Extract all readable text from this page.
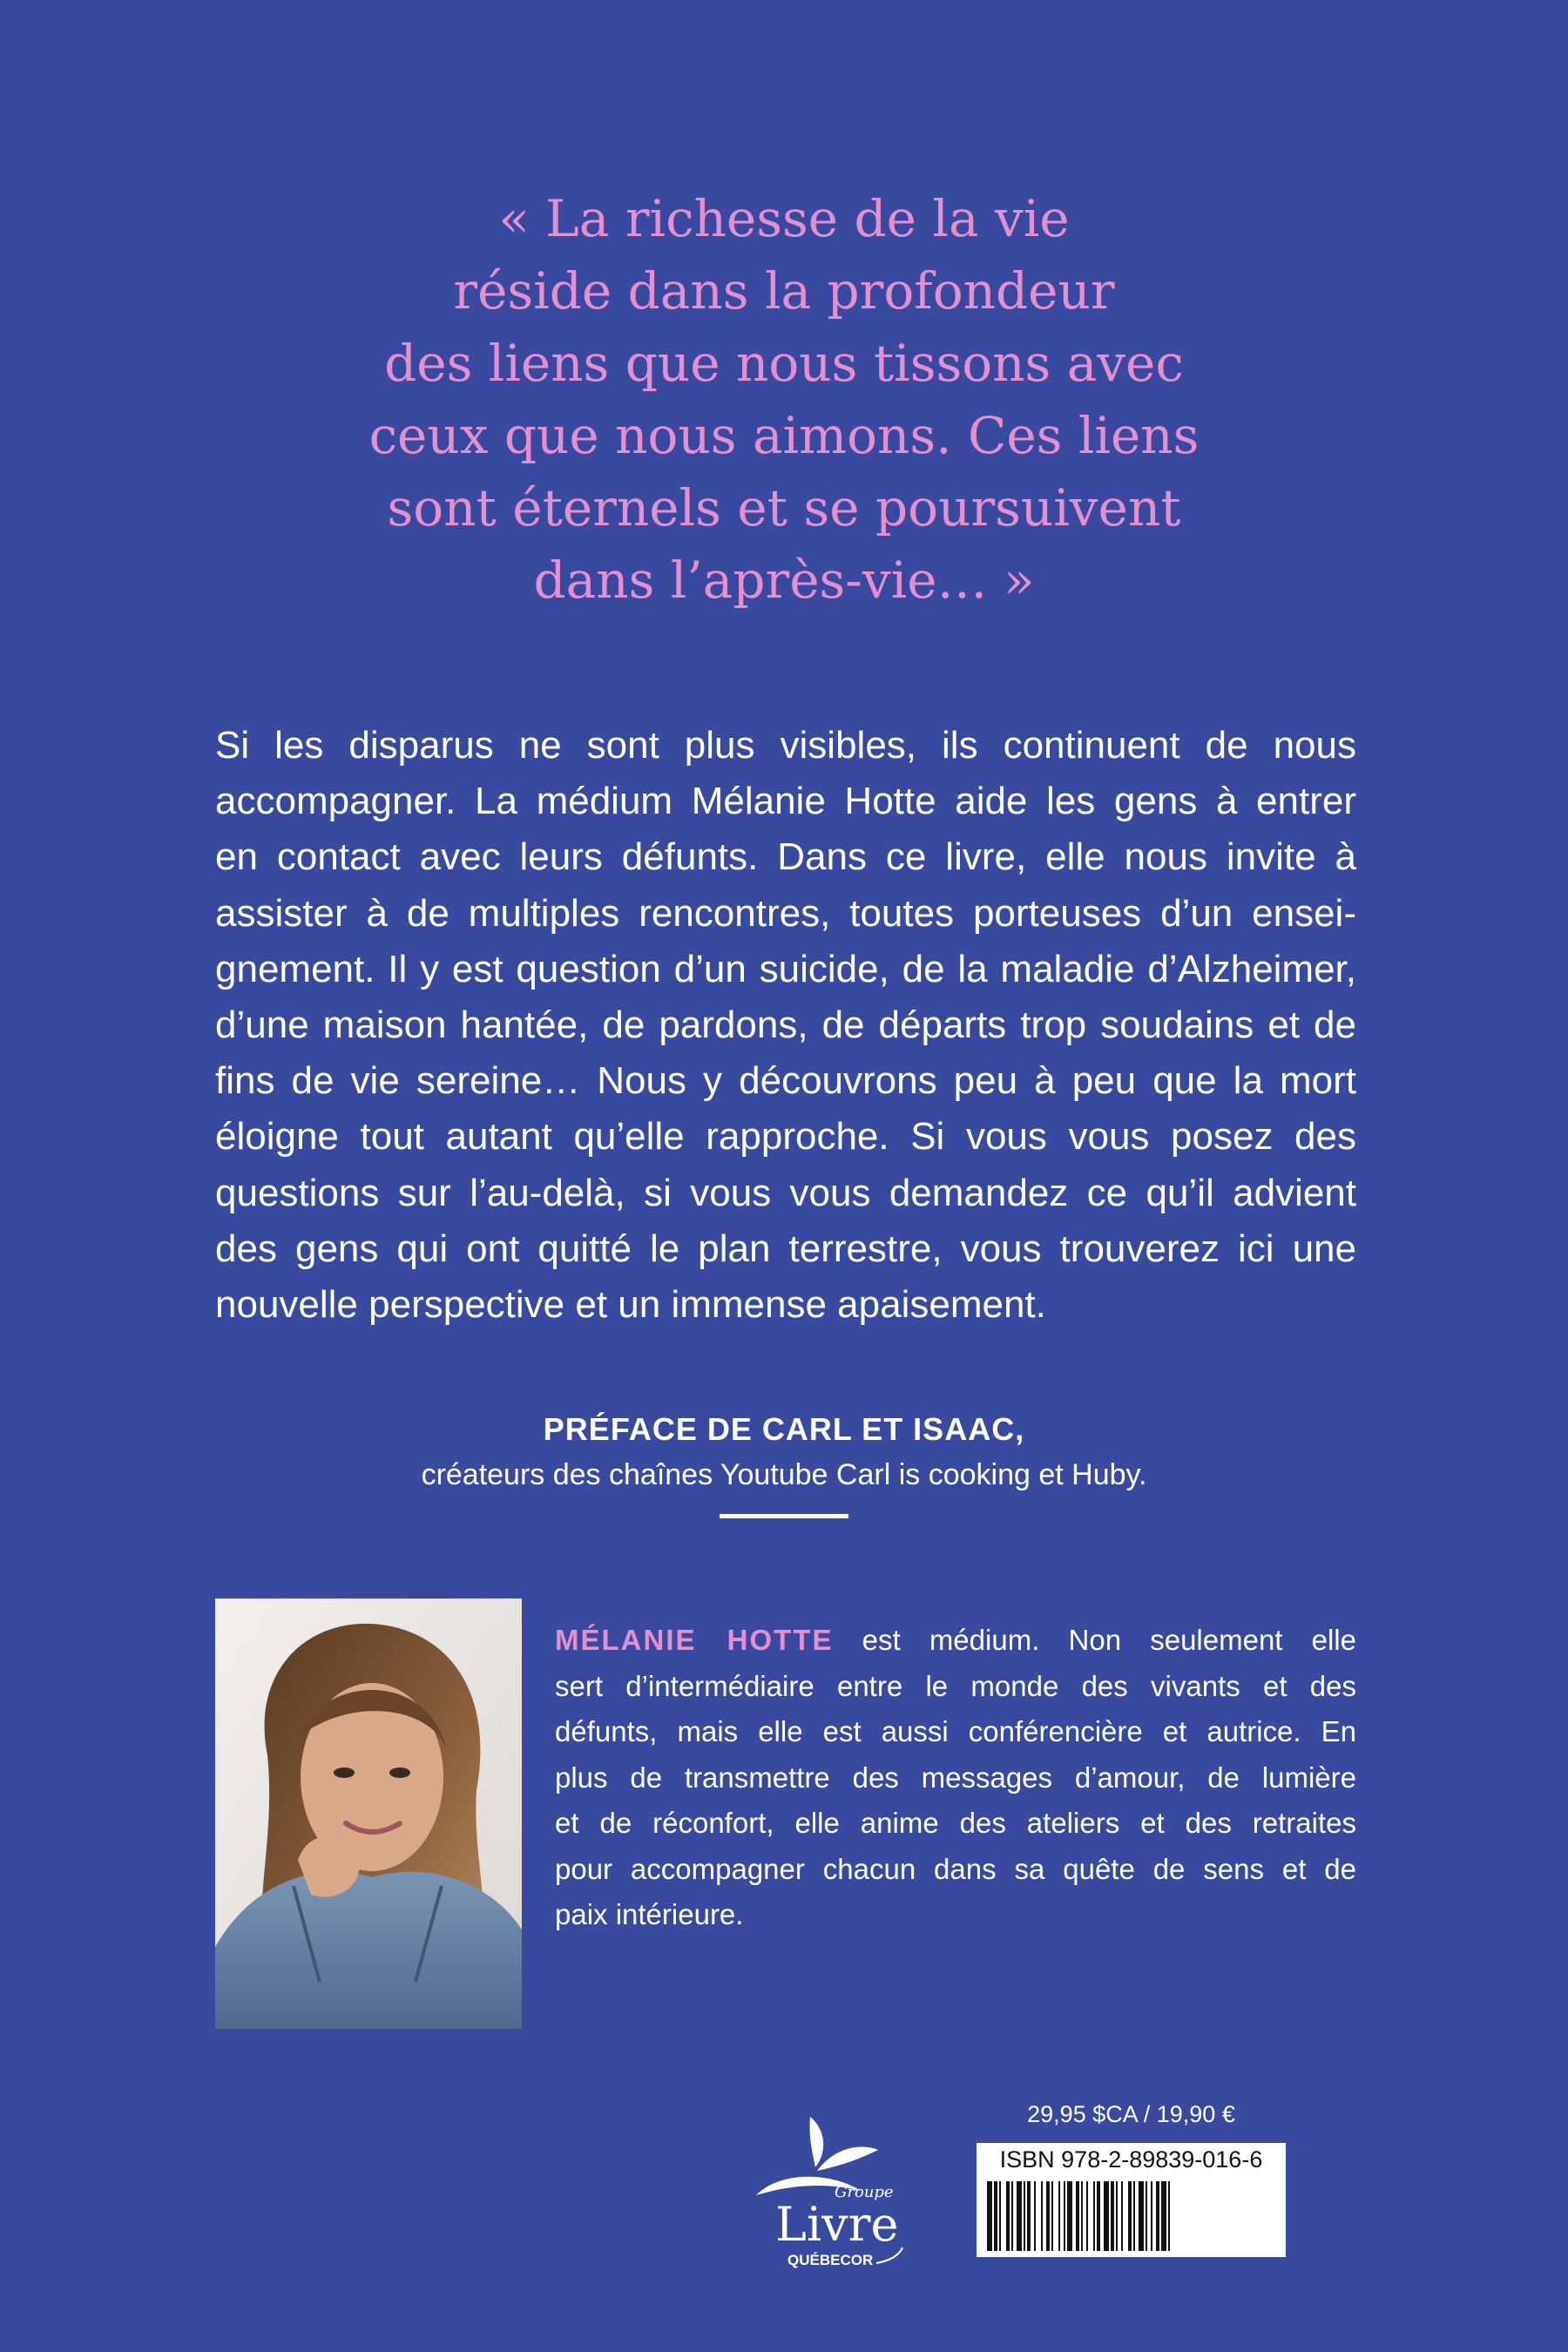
« La richesse de la vie
réside dans la profondeur
des liens que nous tissons avec
ceux que nous aimons. Ces liens
sont éternels et se poursuivent
dans l’après-vie… »

Si les disparus ne sont plus visibles, ils continuent de nous
accompagner. La médium Mélanie Hotte aide les gens à entrer
en contact avec leurs défunts. Dans ce livre, elle nous invite à
assister à de multiples rencontres, toutes porteuses d’un ensei-
gnement. Il y est question d’un suicide, de la maladie d’Alzheimer,
d’une maison hantée, de pardons, de départs trop soudains et de
fins de vie sereine… Nous y découvrons peu à peu que la mort
éloigne tout autant qu’elle rapproche. Si vous vous posez des
questions sur l’au-delà, si vous vous demandez ce qu’il advient
des gens qui ont quitté le plan terrestre, vous trouverez ici une
nouvelle perspective et un immense apaisement.

PRÉFACE DE CARL ET ISAAC,
créateurs des chaînes Youtube Carl is cooking et Huby.
MÉLANIE HOTTE est médium. Non seulement elle
sert d’intermédiaire entre le monde des vivants et des
défunts, mais elle est aussi conférencière et autrice. En
plus de transmettre des messages d’amour, de lumière
et de réconfort, elle anime des ateliers et des retraites
pour accompagner chacun dans sa quête de sens et de
paix intérieure.
Groupe
Livre
QUÉBECOR
29,95 $CA / 19,90 €
ISBN 978-2-89839-016-6
